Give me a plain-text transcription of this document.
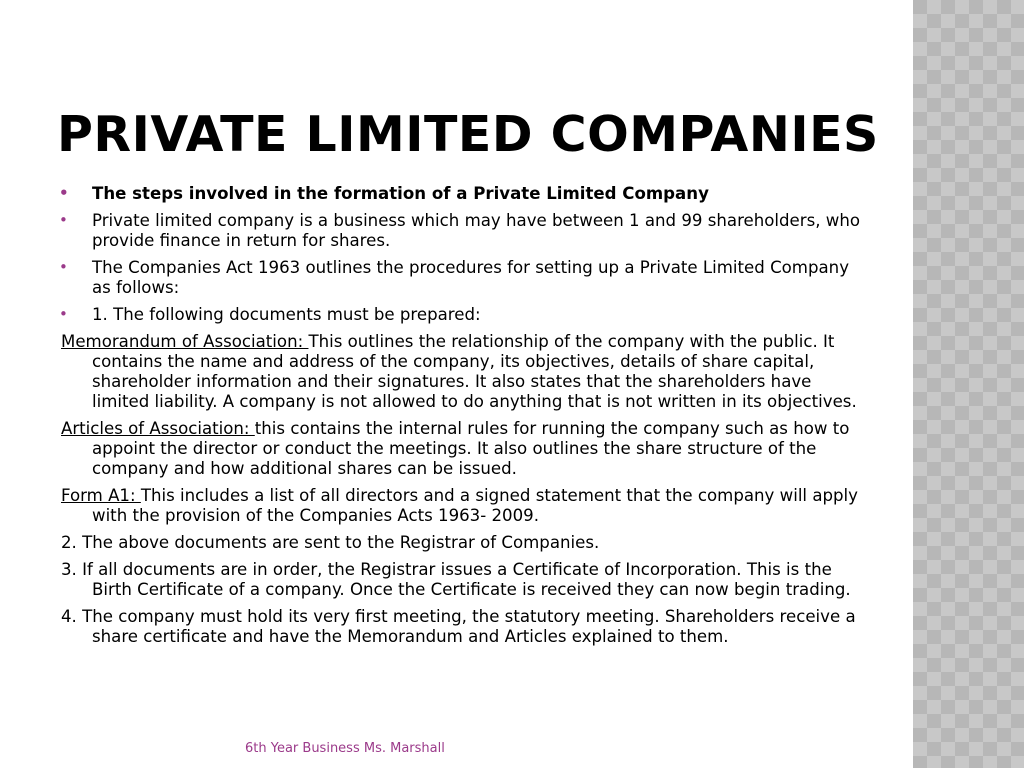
PRIVATE LIMITED COMPANIES
• The steps involved in the formation of a Private Limited Company
• Private limited company is a business which may have between 1 and 99 shareholders, who provide finance in return for shares.
• The Companies Act 1963 outlines the procedures for setting up a Private Limited Company as follows:
• 1. The following documents must be prepared:
Memorandum of Association: This outlines the relationship of the company with the public. It contains the name and address of the company, its objectives, details of share capital, shareholder information and their signatures. It also states that the shareholders have limited liability. A company is not allowed to do anything that is not written in its objectives.
Articles of Association: this contains the internal rules for running the company such as how to appoint the director or conduct the meetings. It also outlines the share structure of the company and how additional shares can be issued.
Form A1: This includes a list of all directors and a signed statement that the company will apply with the provision of the Companies Acts 1963- 2009.
2. The above documents are sent to the Registrar of Companies.
3. If all documents are in order, the Registrar issues a Certificate of Incorporation. This is the Birth Certificate of a company. Once the Certificate is received they can now begin trading.
4. The company must hold its very first meeting, the statutory meeting. Shareholders receive a share certificate and have the Memorandum and Articles explained to them.
6th Year Business Ms. Marshall
